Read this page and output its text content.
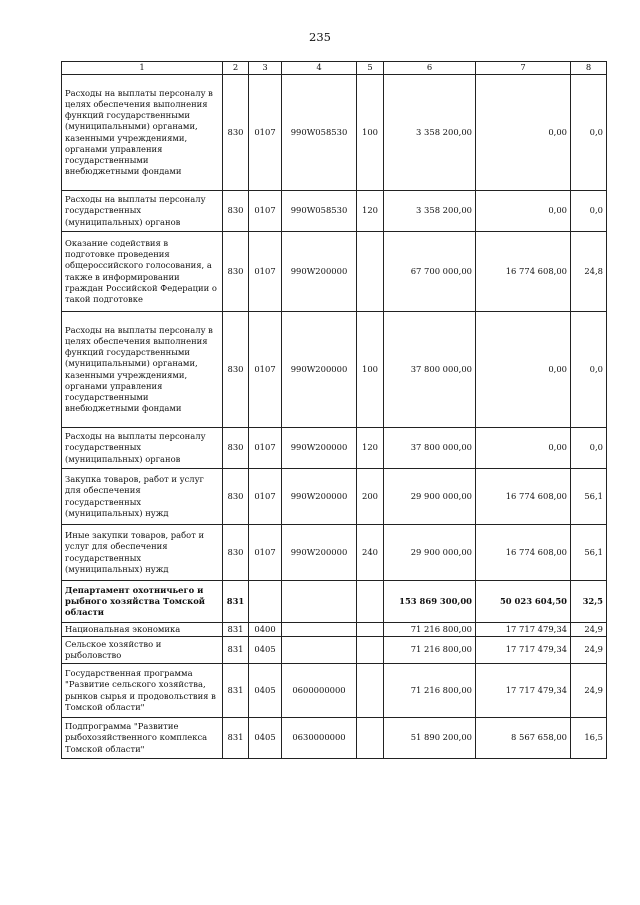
235
1	2	3	4	5	6	7	8
Расходы на выплаты персоналу в целях обеспечения выполнения функций государственными (муниципальными) органами, казенными учреждениями, органами управления государственными внебюджетными фондами	830	0107	990W058530	100	3 358 200,00	0,00	0,0
Расходы на выплаты персоналу государственных (муниципальных) органов	830	0107	990W058530	120	3 358 200,00	0,00	0,0
Оказание содействия в подготовке проведения общероссийского голосования, а также в информировании граждан Российской Федерации о такой подготовке	830	0107	990W200000		67 700 000,00	16 774 608,00	24,8
Расходы на выплаты персоналу в целях обеспечения выполнения функций государственными (муниципальными) органами, казенными учреждениями, органами управления государственными внебюджетными фондами	830	0107	990W200000	100	37 800 000,00	0,00	0,0
Расходы на выплаты персоналу государственных (муниципальных) органов	830	0107	990W200000	120	37 800 000,00	0,00	0,0
Закупка товаров, работ и услуг для обеспечения государственных (муниципальных) нужд	830	0107	990W200000	200	29 900 000,00	16 774 608,00	56,1
Иные закупки товаров, работ и услуг для обеспечения государственных (муниципальных) нужд	830	0107	990W200000	240	29 900 000,00	16 774 608,00	56,1
Департамент охотничьего и рыбного хозяйства Томской области	831				153 869 300,00	50 023 604,50	32,5
Национальная экономика	831	0400			71 216 800,00	17 717 479,34	24,9
Сельское хозяйство и рыболовство	831	0405			71 216 800,00	17 717 479,34	24,9
Государственная программа "Развитие сельского хозяйства, рынков сырья и продовольствия в Томской области"	831	0405	0600000000		71 216 800,00	17 717 479,34	24,9
Подпрограмма "Развитие рыбохозяйственного комплекса Томской области"	831	0405	0630000000		51 890 200,00	8 567 658,00	16,5
